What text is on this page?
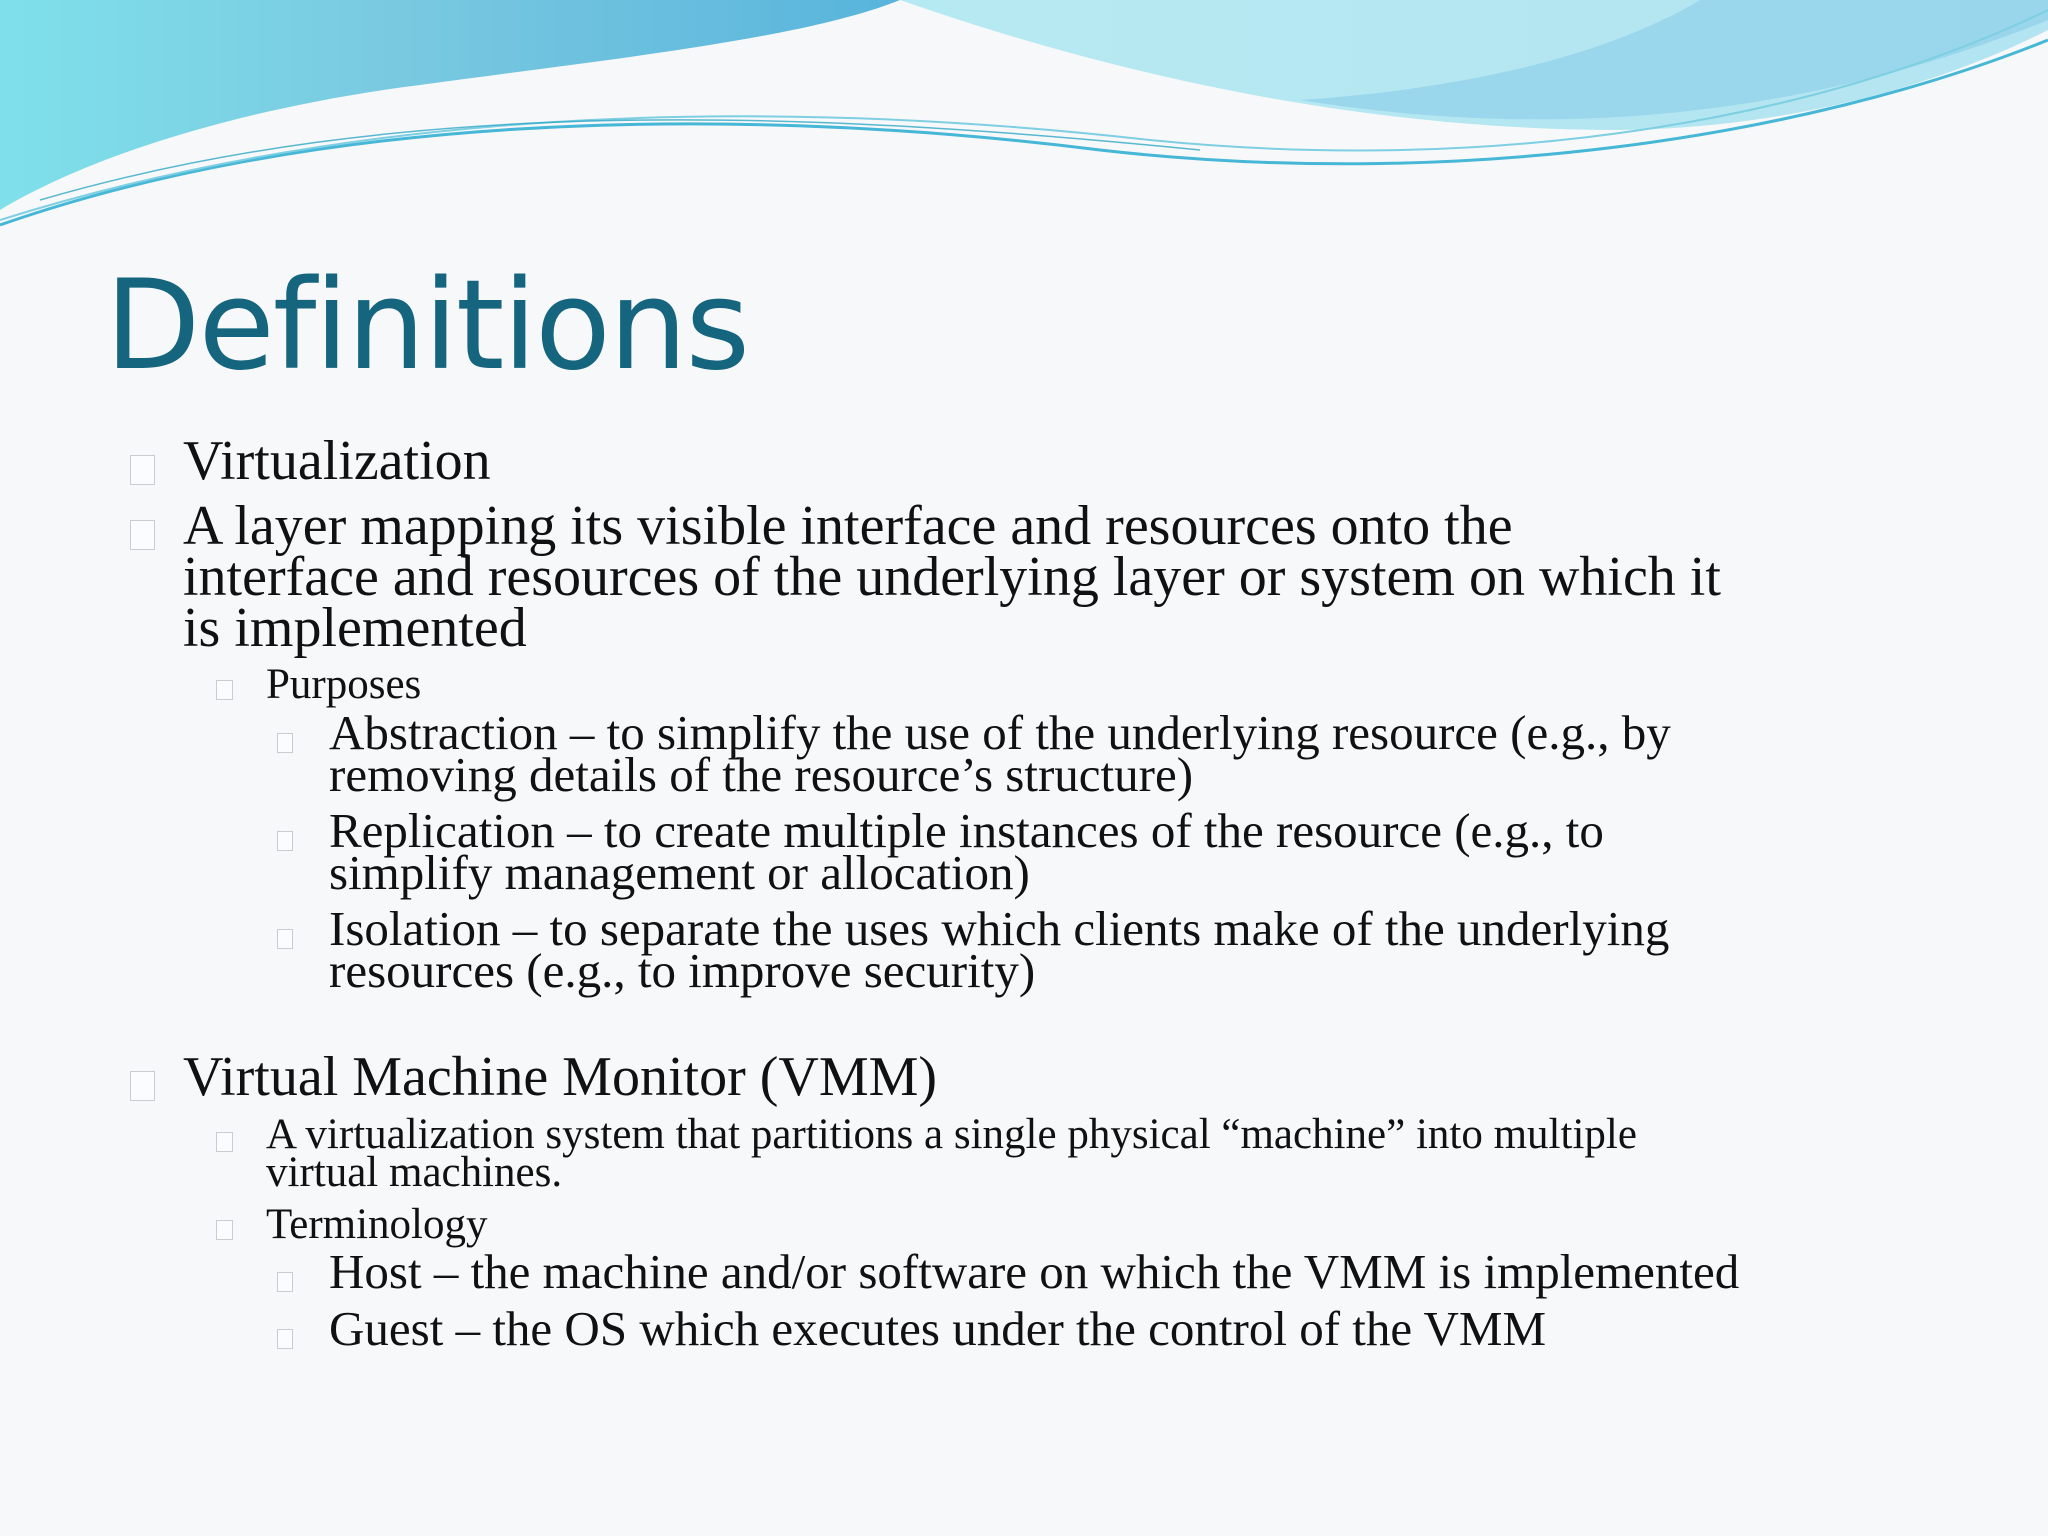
Definitions
Virtualization
A layer mapping its visible interface and resources onto the
interface and resources of the underlying layer or system on which it
is implemented
Purposes
Abstraction – to simplify the use of the underlying resource (e.g., by
removing details of the resource’s structure)
Replication – to create multiple instances of the resource (e.g., to
simplify management or allocation)
Isolation – to separate the uses which clients make of the underlying
resources (e.g., to improve security)
Virtual Machine Monitor (VMM)
A virtualization system that partitions a single physical “machine” into multiple
virtual machines.
Terminology
Host – the machine and/or software on which the VMM is implemented
Guest – the OS which executes under the control of the VMM
